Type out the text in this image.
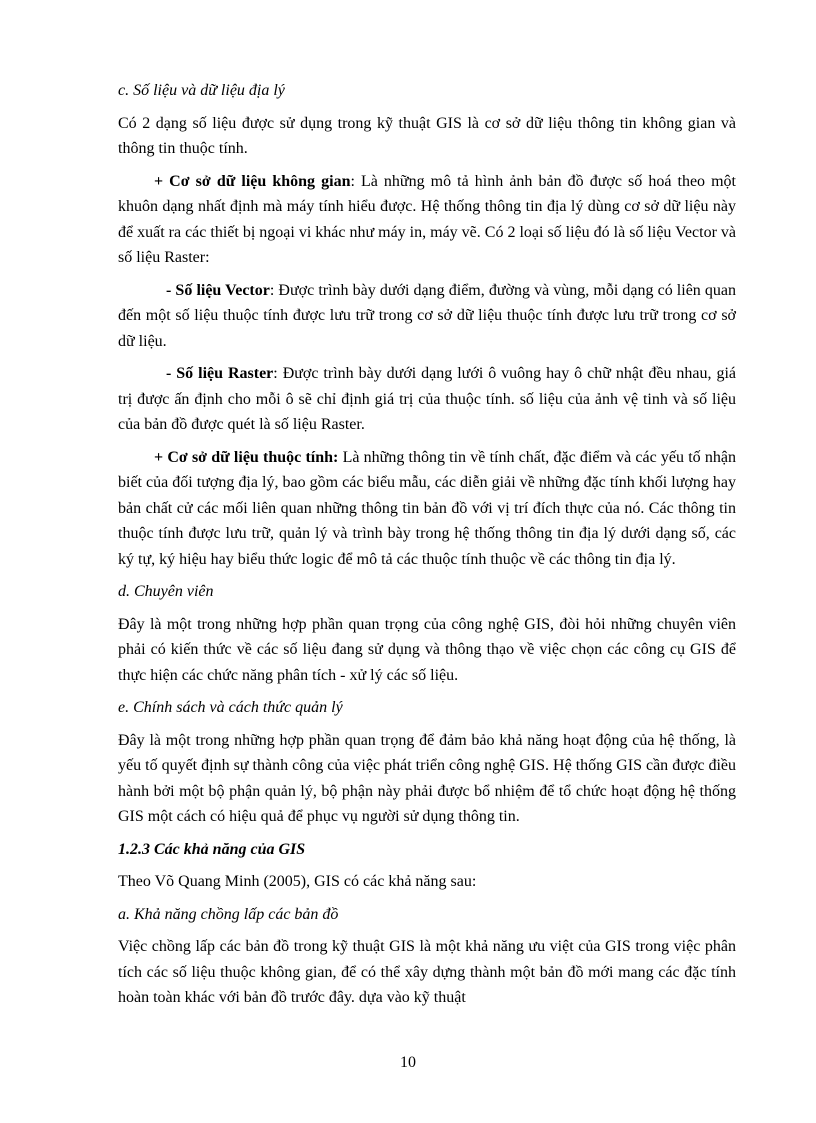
c. Số liệu và dữ liệu địa lý

Có 2 dạng số liệu được sử dụng trong kỹ thuật GIS là cơ sở dữ liệu thông tin không gian và thông tin thuộc tính.

+ Cơ sở dữ liệu không gian: Là những mô tả hình ảnh bản đồ được số hoá theo một khuôn dạng nhất định mà máy tính hiểu được. Hệ thống thông tin địa lý dùng cơ sở dữ liệu này để xuất ra các thiết bị ngoại vi khác như máy in, máy vẽ. Có 2 loại số liệu đó là số liệu Vector và số liệu Raster:

- Số liệu Vector: Được trình bày dưới dạng điểm, đường và vùng, mỗi dạng có liên quan đến một số liệu thuộc tính được lưu trữ trong cơ sở dữ liệu thuộc tính được lưu trữ trong cơ sở dữ liệu.

- Số liệu Raster: Được trình bày dưới dạng lưới ô vuông hay ô chữ nhật đều nhau, giá trị được ấn định cho mỗi ô sẽ chỉ định giá trị của thuộc tính. số liệu của ảnh vệ tinh và số liệu của bản đồ được quét là số liệu Raster.

+ Cơ sở dữ liệu thuộc tính: Là những thông tin về tính chất, đặc điểm và các yếu tố nhận biết của đối tượng địa lý, bao gồm các biểu mẫu, các diễn giải về những đặc tính khối lượng hay bản chất cử các mối liên quan những thông tin bản đồ với vị trí đích thực của nó. Các thông tin thuộc tính được lưu trữ, quản lý và trình bày trong hệ thống thông tin địa lý dưới dạng số, các ký tự, ký hiệu hay biểu thức logic để mô tả các thuộc tính thuộc về các thông tin địa lý.

d. Chuyên viên

Đây là một trong những hợp phần quan trọng của công nghệ GIS, đòi hỏi những chuyên viên phải có kiến thức về các số liệu đang sử dụng và thông thạo về việc chọn các công cụ GIS để thực hiện các chức năng phân tích - xử lý các số liệu.

e. Chính sách và cách thức quản lý

Đây là một trong những hợp phần quan trọng để đảm bảo khả năng hoạt động của hệ thống, là yếu tố quyết định sự thành công của việc phát triển công nghệ GIS. Hệ thống GIS cần được điều hành bởi một bộ phận quản lý, bộ phận này phải được bổ nhiệm để tổ chức hoạt động hệ thống GIS một cách có hiệu quả để phục vụ người sử dụng thông tin.

1.2.3 Các khả năng của GIS

Theo Võ Quang Minh (2005), GIS có các khả năng sau:

a. Khả năng chồng lấp các bản đồ

Việc chồng lấp các bản đồ trong kỹ thuật GIS là một khả năng ưu việt của GIS trong việc phân tích các số liệu thuộc không gian, để có thể xây dựng thành một bản đồ mới mang các đặc tính hoàn toàn khác với bản đồ trước đây. dựa vào kỹ thuật

10
